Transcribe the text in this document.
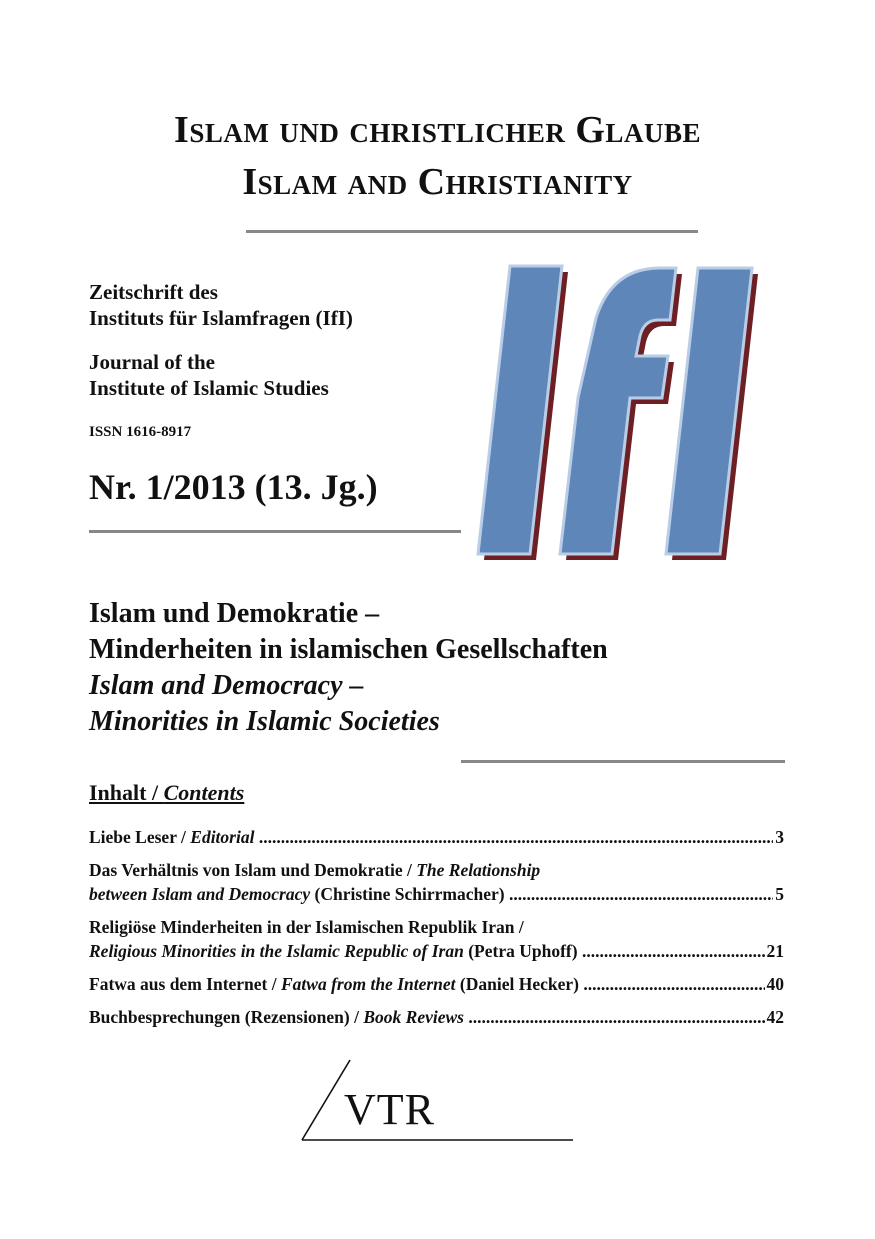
Islam und christlicher Glaube
Islam and Christianity
Zeitschrift des
Instituts für Islamfragen (IfI)
Journal of the
Institute of Islamic Studies
ISSN 1616-8917
Nr. 1/2013 (13. Jg.)
Islam und Demokratie –
Minderheiten in islamischen Gesellschaften
Islam and Democracy –
Minorities in Islamic Societies
Inhalt / Contents
Liebe Leser / Editorial .....	3
Das Verhältnis von Islam und Demokratie / The Relationship
between Islam and Democracy (Christine Schirrmacher) .....	5
Religiöse Minderheiten in der Islamischen Republik Iran /
Religious Minorities in the Islamic Republic of Iran (Petra Uphoff) .....	21
Fatwa aus dem Internet / Fatwa from the Internet (Daniel Hecker) .....	40
Buchbesprechungen (Rezensionen) / Book Reviews .....	42
VTR
